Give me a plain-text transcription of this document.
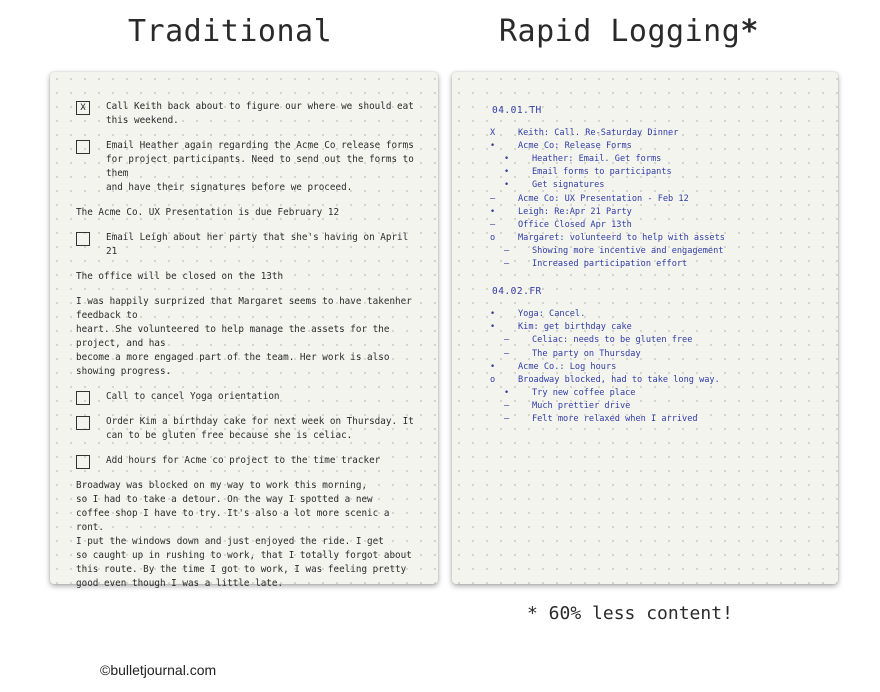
Traditional	Rapid Logging*
X	Call Keith back about to figure our where we should eat

this weekend.

Email Heather again regarding the Acme Co release forms

for project participants. Need to send out the forms to them

and have their signatures before we proceed.

The Acme Co. UX Presentation is due February 12

Email Leigh about her party that she's having on April 21

The office will be closed on the 13th

I was happily surprized that Margaret seems to have takenher feedback to

heart. She volunteered to help manage the assets for the project, and has

become a more engaged part of the team. Her work is also showing progress.

Call to cancel Yoga orientation

Order Kim a birthday cake for next week on Thursday. It

can to be gluten free because she is celiac.

Add hours for Acme co project to the time tracker

Broadway was blocked on my way to work this morning,

so I had to take a detour. On the way I spotted a new

coffee shop I have to try. It's also a lot more scenic a ront.

I put the windows down and just enjoyed the ride. I get

so caught up in rushing to work, that I totally forgot about

this route. By the time I got to work, I was feeling pretty

good even though I was a little late.

04.01.TH
X	Keith: Call. Re-Saturday Dinner
•	Acme Co: Release Forms
•	Heather: Email. Get forms
•	Email forms to participants
•	Get signatures
–	Acme Co: UX Presentation - Feb 12
•	Leigh: Re:Apr 21 Party
–	Office Closed Apr 13th
o	Margaret: volunteerd to help with assets
–	Showing more incentive and engagement
–	Increased participation effort
04.02.FR
•	Yoga: Cancel.
•	Kim: get birthday cake
–	Celiac: needs to be gluten free
–	The party on Thursday
•	Acme Co.: Log hours
o	Broadway blocked, had to take long way.
•	Try new coffee place
–	Much prettier drive
–	Felt more relaxed when I arrived
* 60% less content!
©bulletjournal.com
